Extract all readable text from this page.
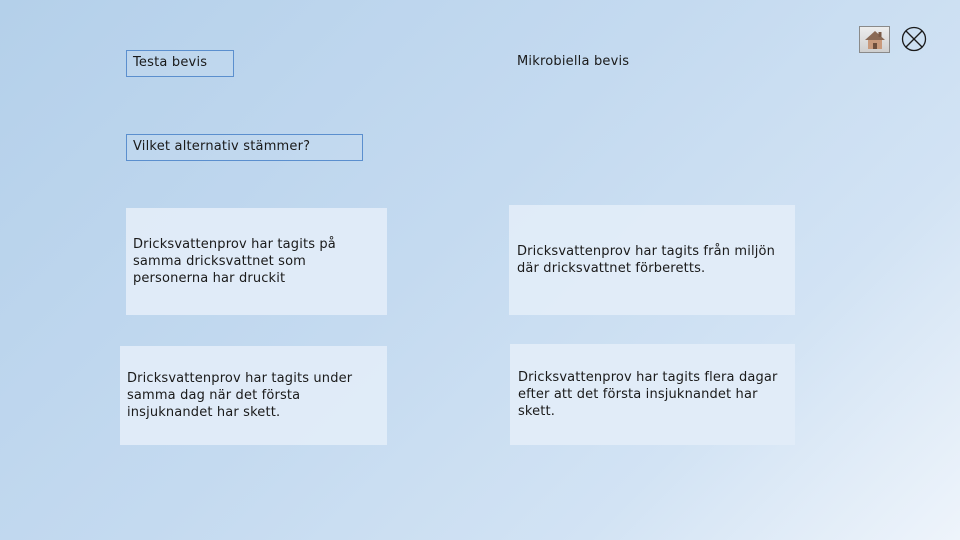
Testa bevis	Mikrobiella bevis
Vilket alternativ stämmer?
Dricksvattenprov har tagits på samma dricksvattnet som personerna har druckit
Dricksvattenprov har tagits från miljön där dricksvattnet förberetts.
Dricksvattenprov har tagits under samma dag när det första insjuknandet har skett.
Dricksvattenprov har tagits flera dagar efter att det första insjuknandet har skett.
